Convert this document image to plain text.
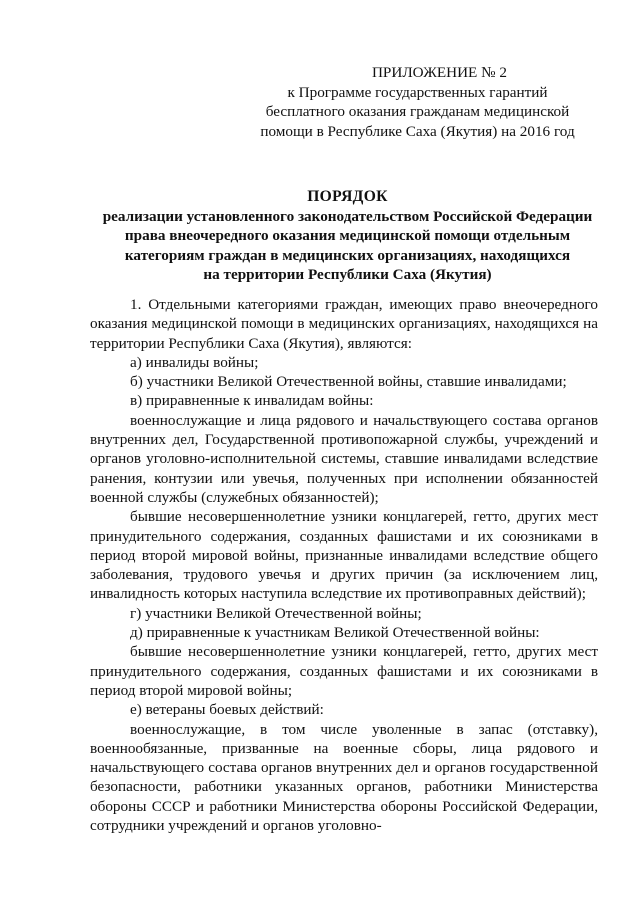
ПРИЛОЖЕНИЕ № 2
к Программе государственных гарантий
бесплатного оказания гражданам медицинской
помощи в Республике Саха (Якутия) на 2016 год
ПОРЯДОК
реализации установленного законодательством Российской Федерации
права внеочередного оказания медицинской помощи отдельным
категориям граждан в медицинских организациях, находящихся
на территории Республики Саха (Якутия)

1. Отдельными категориями граждан, имеющих право внеочередного оказания медицинской помощи в медицинских организациях, находящихся на территории Республики Саха (Якутия), являются:

а) инвалиды войны;

б) участники Великой Отечественной войны, ставшие инвалидами;

в) приравненные к инвалидам войны:

военнослужащие и лица рядового и начальствующего состава органов внутренних дел, Государственной противопожарной службы, учреждений и органов уголовно-исполнительной системы, ставшие инвалидами вследствие ранения, контузии или увечья, полученных при исполнении обязанностей военной службы (служебных обязанностей);

бывшие несовершеннолетние узники концлагерей, гетто, других мест принудительного содержания, созданных фашистами и их союзниками в период второй мировой войны, признанные инвалидами вследствие общего заболевания, трудового увечья и других причин (за исключением лиц, инвалидность которых наступила вследствие их противоправных действий);

г) участники Великой Отечественной войны;

д) приравненные к участникам Великой Отечественной войны:

бывшие несовершеннолетние узники концлагерей, гетто, других мест принудительного содержания, созданных фашистами и их союзниками в период второй мировой войны;

е) ветераны боевых действий:

военнослужащие, в том числе уволенные в запас (отставку), военнообязанные, призванные на военные сборы, лица рядового и начальствующего состава органов внутренних дел и органов государственной безопасности, работники указанных органов, работники Министерства обороны СССР и работники Министерства обороны Российской Федерации, сотрудники учреждений и органов уголовно-
